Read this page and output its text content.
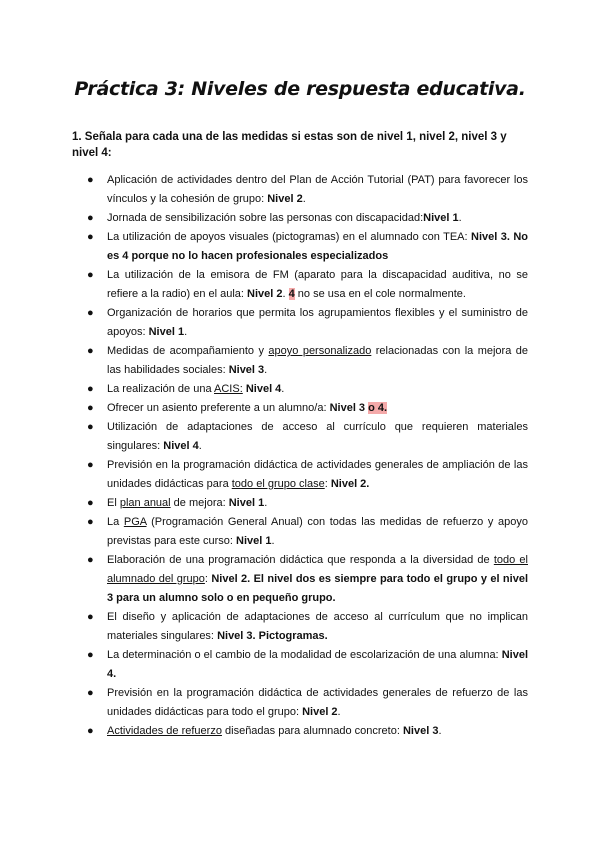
Práctica 3: Niveles de respuesta educativa.

1. Señala para cada una de las medidas si estas son de nivel 1, nivel 2, nivel 3 y nivel 4:

● Aplicación de actividades dentro del Plan de Acción Tutorial (PAT) para favorecer los vínculos y la cohesión de grupo: Nivel 2.
● Jornada de sensibilización sobre las personas con discapacidad:Nivel 1.
● La utilización de apoyos visuales (pictogramas) en el alumnado con TEA: Nivel 3. No es 4 porque no lo hacen profesionales especializados
● La utilización de la emisora de FM (aparato para la discapacidad auditiva, no se refiere a la radio) en el aula: Nivel 2. 4 no se usa en el cole normalmente.
● Organización de horarios que permita los agrupamientos flexibles y el suministro de apoyos: Nivel 1.
● Medidas de acompañamiento y apoyo personalizado relacionadas con la mejora de las habilidades sociales: Nivel 3.
● La realización de una ACIS: Nivel 4.
● Ofrecer un asiento preferente a un alumno/a: Nivel 3 o 4.
● Utilización de adaptaciones de acceso al currículo que requieren materiales singulares: Nivel 4.
● Previsión en la programación didáctica de actividades generales de ampliación de las unidades didácticas para todo el grupo clase: Nivel 2.
● El plan anual de mejora: Nivel 1.
● La PGA (Programación General Anual) con todas las medidas de refuerzo y apoyo previstas para este curso: Nivel 1.
● Elaboración de una programación didáctica que responda a la diversidad de todo el alumnado del grupo: Nivel 2. El nivel dos es siempre para todo el grupo y el nivel 3 para un alumno solo o en pequeño grupo.
● El diseño y aplicación de adaptaciones de acceso al currículum que no implican materiales singulares: Nivel 3. Pictogramas.
● La determinación o el cambio de la modalidad de escolarización de una alumna: Nivel 4.
● Previsión en la programación didáctica de actividades generales de refuerzo de las unidades didácticas para todo el grupo: Nivel 2.
● Actividades de refuerzo diseñadas para alumnado concreto: Nivel 3.
